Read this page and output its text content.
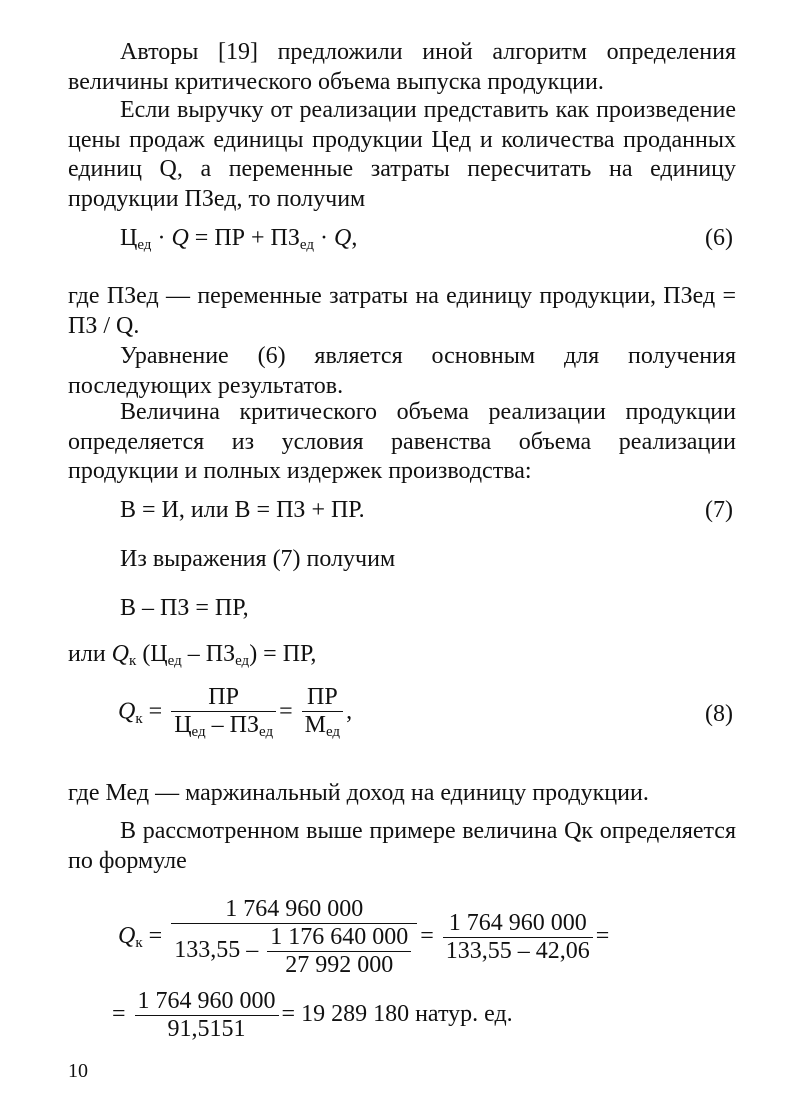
Авторы [19] предложили иной алгоритм определения величины критического объема выпуска продукции.
Если выручку от реализации представить как произведение цены продаж единицы продукции Цед и количества проданных единиц Q, а переменные затраты пересчитать на единицу продукции ПЗед, то получим
Цед · Q = ПР + ПЗед · Q,	(6)
где ПЗед — переменные затраты на единицу продукции, ПЗед = ПЗ / Q.
Уравнение (6) является основным для получения последующих результатов.
Величина критического объема реализации продукции определяется из условия равенства объема реализации продукции и полных издержек производства:
В = И, или В = ПЗ + ПР.	(7)
Из выражения (7) получим
В – ПЗ = ПР,
или Qк (Цед – ПЗед) = ПР,
Qк = $\frac{ПР}{\text{Цед – ПЗед}} = \frac{ПР}{\text{Мед}}$ ,	(8)
где Мед — маржинальный доход на единицу продукции.
В рассмотренном выше примере величина Qк определяется по формуле
Qк =
1 764 960 000
$133,55 - \frac{1 176 640 000}{27 992 000} = \frac{1 764 960 000}{133,55 - 42,06}$ =
= $\frac{1 764 960 000}{91,5151} = 19$ 289 180 натур. ед.
10
